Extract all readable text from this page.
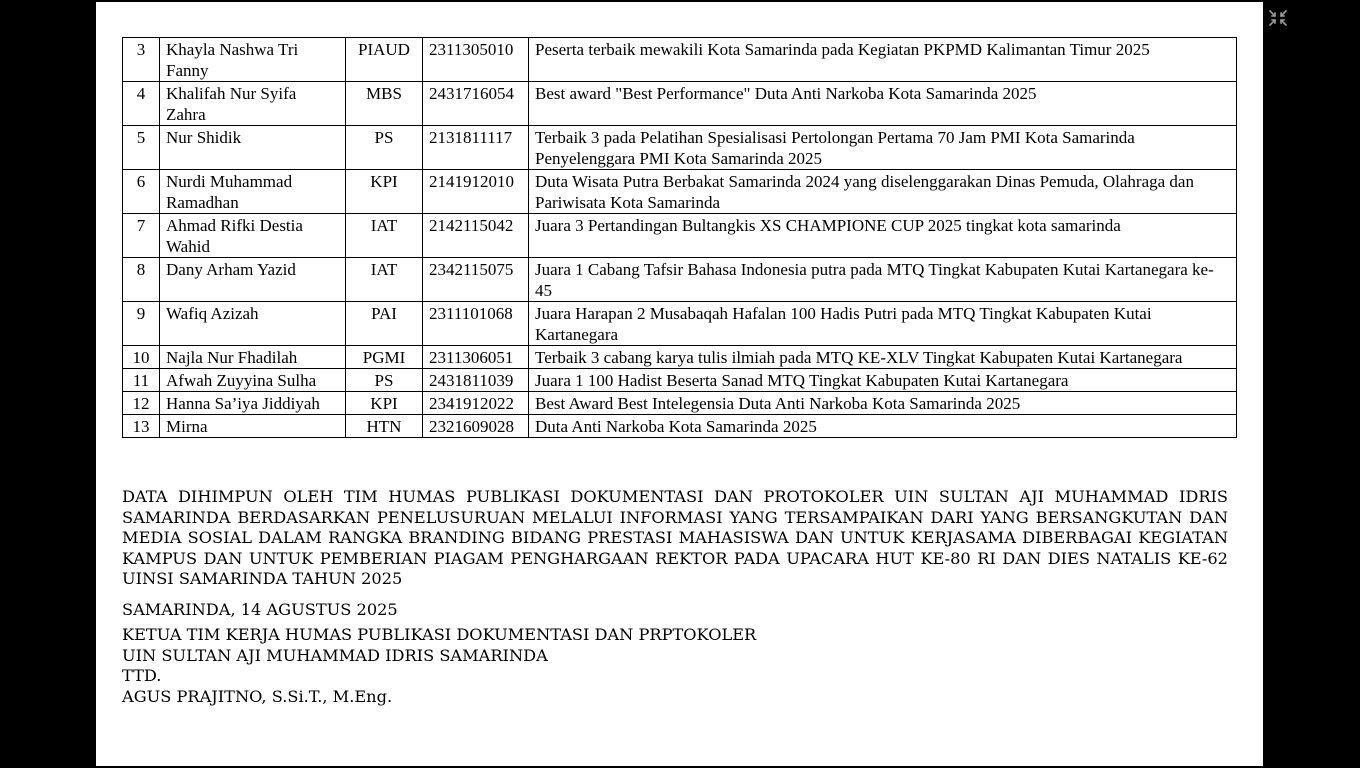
3	Khayla Nashwa Tri Fanny	PIAUD	2311305010	Peserta terbaik mewakili Kota Samarinda pada Kegiatan PKPMD Kalimantan Timur 2025
4	Khalifah Nur Syifa Zahra	MBS	2431716054	Best award "Best Performance" Duta Anti Narkoba Kota Samarinda 2025
5	Nur Shidik	PS	2131811117	Terbaik 3 pada Pelatihan Spesialisasi Pertolongan Pertama 70 Jam PMI Kota Samarinda Penyelenggara PMI Kota Samarinda 2025
6	Nurdi Muhammad Ramadhan	KPI	2141912010	Duta Wisata Putra Berbakat Samarinda 2024 yang diselenggarakan Dinas Pemuda, Olahraga dan Pariwisata Kota Samarinda
7	Ahmad Rifki Destia Wahid	IAT	2142115042	Juara 3 Pertandingan Bultangkis XS CHAMPIONE CUP 2025 tingkat kota samarinda
8	Dany Arham Yazid	IAT	2342115075	Juara 1 Cabang Tafsir Bahasa Indonesia putra pada MTQ Tingkat Kabupaten Kutai Kartanegara ke-45
9	Wafiq Azizah	PAI	2311101068	Juara Harapan 2 Musabaqah Hafalan 100 Hadis Putri pada MTQ Tingkat Kabupaten Kutai Kartanegara
10	Najla Nur Fhadilah	PGMI	2311306051	Terbaik 3 cabang karya tulis ilmiah pada MTQ KE-XLV Tingkat Kabupaten Kutai Kartanegara
11	Afwah Zuyyina Sulha	PS	2431811039	Juara 1 100 Hadist Beserta Sanad MTQ Tingkat Kabupaten Kutai Kartanegara
12	Hanna Sa’iya Jiddiyah	KPI	2341912022	Best Award Best Intelegensia Duta Anti Narkoba Kota Samarinda 2025
13	Mirna	HTN	2321609028	Duta Anti Narkoba Kota Samarinda 2025
DATA DIHIMPUN OLEH TIM HUMAS PUBLIKASI DOKUMENTASI DAN PROTOKOLER UIN SULTAN AJI MUHAMMAD IDRIS SAMARINDA BERDASARKAN PENELUSURUAN MELALUI INFORMASI YANG TERSAMPAIKAN DARI YANG BERSANGKUTAN DAN MEDIA SOSIAL DALAM RANGKA BRANDING BIDANG PRESTASI MAHASISWA DAN UNTUK KERJASAMA DIBERBAGAI KEGIATAN KAMPUS DAN UNTUK PEMBERIAN PIAGAM PENGHARGAAN REKTOR PADA UPACARA HUT KE-80 RI DAN DIES NATALIS KE-62 UINSI SAMARINDA TAHUN 2025
SAMARINDA, 14 AGUSTUS 2025
KETUA TIM KERJA HUMAS PUBLIKASI DOKUMENTASI DAN PRPTOKOLER
UIN SULTAN AJI MUHAMMAD IDRIS SAMARINDA
TTD.
AGUS PRAJITNO, S.Si.T., M.Eng.
